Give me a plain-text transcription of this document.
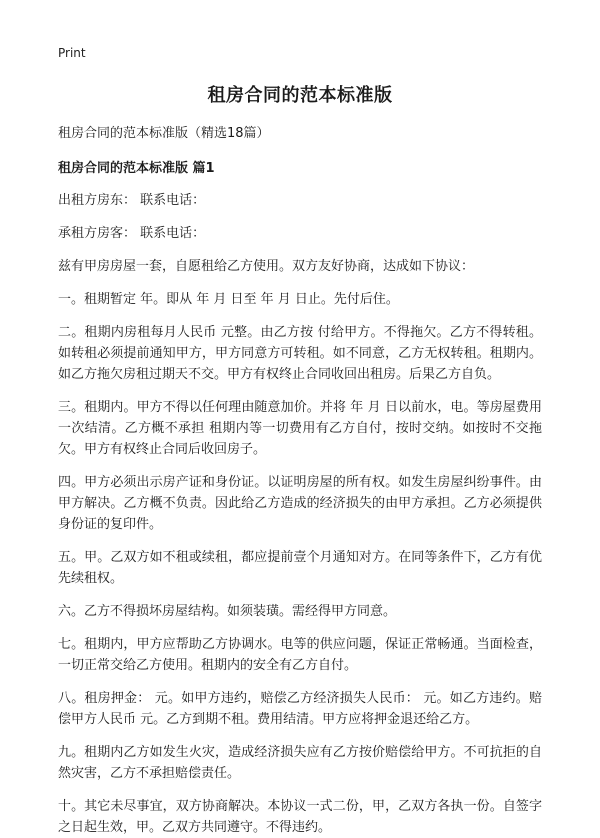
Print

租房合同的范本标准版

租房合同的范本标准版（精选18篇）

租房合同的范本标准版 篇1

出租方房东： 联系电话：

承租方房客： 联系电话：

兹有甲房房屋一套，自愿租给乙方使用。双方友好协商，达成如下协议：

一。租期暂定 年。即从 年 月 日至 年 月 日止。先付后住。

二。租期内房租每月人民币 元整。由乙方按 付给甲方。不得拖欠。乙方不得转租。如转租必须提前通知甲方，甲方同意方可转租。如不同意，乙方无权转租。租期内。如乙方拖欠房租过期天不交。甲方有权终止合同收回出租房。后果乙方自负。

三。租期内。甲方不得以任何理由随意加价。并将 年 月 日以前水，电。等房屋费用一次结清。乙方概不承担 租期内等一切费用有乙方自付，按时交纳。如按时不交拖欠。甲方有权终止合同后收回房子。

四。甲方必须出示房产证和身份证。以证明房屋的所有权。如发生房屋纠纷事件。由甲方解决。乙方概不负责。因此给乙方造成的经济损失的由甲方承担。乙方必须提供身份证的复印件。

五。甲。乙双方如不租或续租，都应提前壹个月通知对方。在同等条件下，乙方有优先续租权。

六。乙方不得损坏房屋结构。如须装璜。需经得甲方同意。

七。租期内，甲方应帮助乙方协调水。电等的供应问题，保证正常畅通。当面检查，一切正常交给乙方使用。租期内的安全有乙方自付。

八。租房押金： 元。如甲方违约，赔偿乙方经济损失人民币： 元。如乙方违约。赔偿甲方人民币 元。乙方到期不租。费用结清。甲方应将押金退还给乙方。

九。租期内乙方如发生火灾，造成经济损失应有乙方按价赔偿给甲方。不可抗拒的自然灾害，乙方不承担赔偿责任。

十。其它未尽事宜，双方协商解决。本协议一式二份，甲，乙双方各执一份。自签字之日起生效，甲。乙双方共同遵守。不得违约。
